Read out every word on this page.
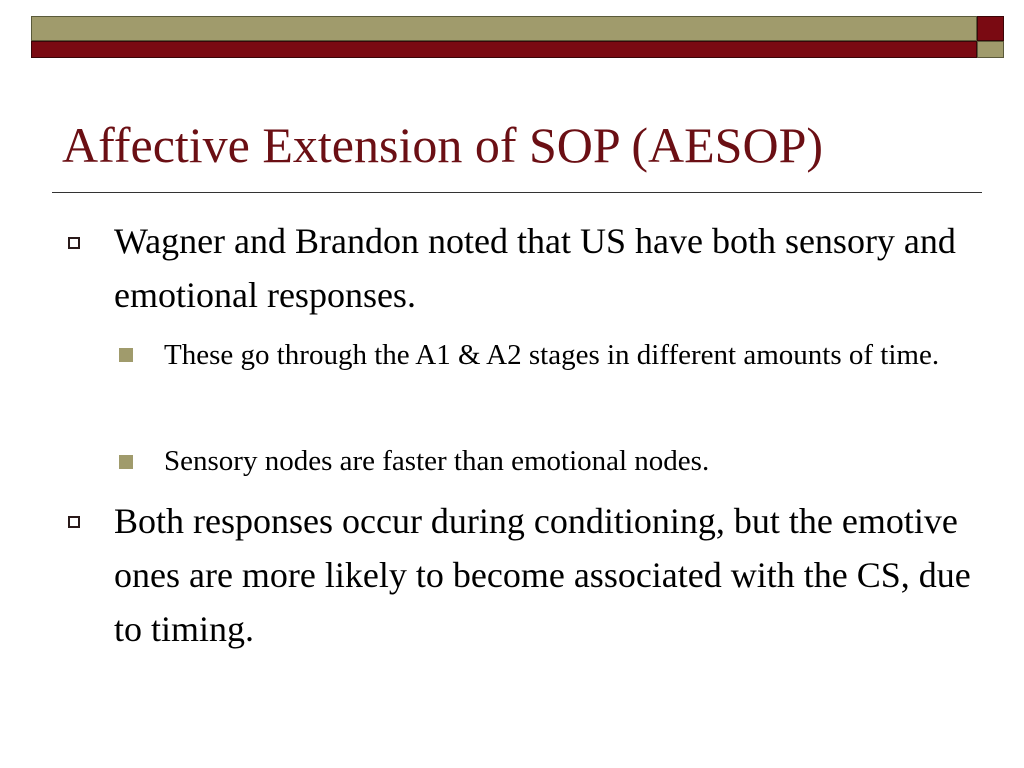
Affective Extension of SOP (AESOP)
Wagner and Brandon noted that US have both sensory and emotional responses.
These go through the A1 & A2 stages in different amounts of time.
Sensory nodes are faster than emotional nodes.
Both responses occur during conditioning, but the emotive ones are more likely to become associated with the CS, due to timing.
